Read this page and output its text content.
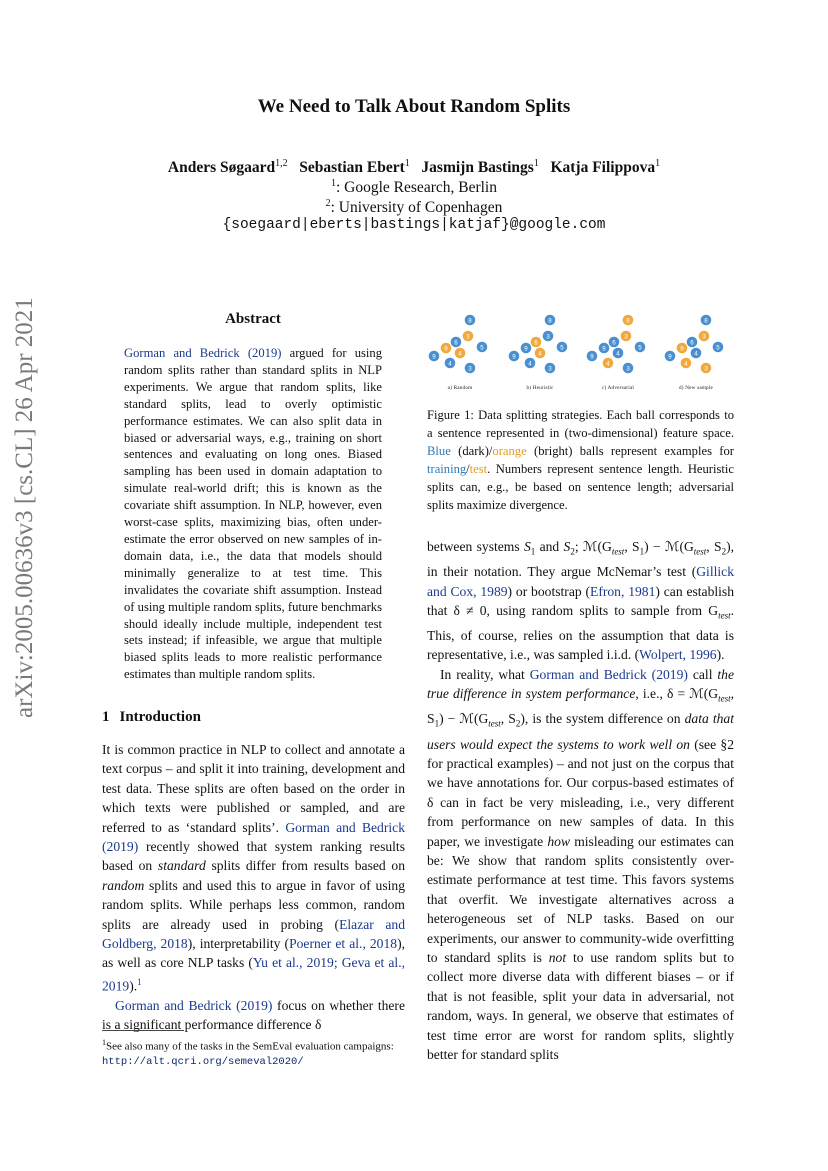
We Need to Talk About Random Splits
Anders Søgaard$^{1,2}$ Sebastian Ebert$^1$ Jasmijn Bastings$^1$ Katja Filippova$^1$
$^1$: Google Research, Berlin
$^2$: University of Copenhagen
{soegaard|eberts|bastings|katjaf}@google.com
arXiv:2005.00636v3 [cs.CL] 26 Apr 2021	Abstract
Gorman and Bedrick (2019) argued for using random splits rather than standard splits in NLP experiments. We argue that random splits, like standard splits, lead to overly optimistic performance estimates. We can also split data in biased or adversarial ways, e.g., training on short sentences and evaluating on long ones. Biased sampling has been used in domain adaptation to simulate real-world drift; this is known as the covariate shift assumption. In NLP, however, even worst-case splits, maximizing bias, often under-estimate the error observed on new samples of in-domain data, i.e., the data that models should minimally generalize to at test time. This invalidates the covariate shift assumption. Instead of using multiple random splits, future benchmarks should ideally include multiple, independent test sets instead; if infeasible, we argue that multiple biased splits leads to more realistic performance estimates than multiple random splits.
1 Introduction

It is common practice in NLP to collect and annotate a text corpus – and split it into training, development and test data. These splits are often based on the order in which texts were published or sampled, and are referred to as ‘standard splits’. Gorman and Bedrick (2019) recently showed that system ranking results based on standard splits differ from results based on random splits and used this to argue in favor of using random splits. While perhaps less common, random splits are already used in probing (Elazar and Goldberg, 2018), interpretability (Poerner et al., 2018), as well as core NLP tasks (Yu et al., 2019; Geva et al., 2019).$^1$

Gorman and Bedrick (2019) focus on whether there is a significant performance difference δ

$^1$See also many of the tasks in the SemEval evaluation campaigns: http://alt.qcri.org/semeval2020/
8
3
6
5
9	4
9
4
3
a) Random
8
3
6
5
9	4
9
4
3
b) Heuristic
8
3
6
5
9	4
9
4
3
c) Adversarial
8
3
6
5
9	4
9
4
3
d) New sample
Figure 1: Data splitting strategies. Each ball corresponds to a sentence represented in (two-dimensional) feature space. Blue (dark)/orange (bright) balls represent examples for training/test. Numbers represent sentence length. Heuristic splits can, e.g., be based on sentence length; adversarial splits maximize divergence.

between systems $S_1$ and $S_2$; $ℳ(G_{test}$, $S_1$) − $ℳ(G_{test}$, $S_2$), in their notation. They argue McNemar’s test (Gillick and Cox, 1989) or bootstrap (Efron, 1981) can establish that δ ≠ 0, using random splits to sample from $G_{test}$. This, of course, relies on the assumption that data is representative, i.e., was sampled i.i.d. (Wolpert, 1996).

In reality, what Gorman and Bedrick (2019) call the true difference in system performance, i.e., $\delta = ℳ(G_{test}$, $S_1$) − $ℳ(G_{test}$, $S_2$), is the system difference on data that users would expect the systems to work well on (see §2 for practical examples) – and not just on the corpus that we have annotations for. Our corpus-based estimates of δ can in fact be very misleading, i.e., very different from performance on new samples of data. In this paper, we investigate how misleading our estimates can be: We show that random splits consistently over-estimate performance at test time. This favors systems that overfit. We investigate alternatives across a heterogeneous set of NLP tasks. Based on our experiments, our answer to community-wide overfitting to standard splits is not to use random splits but to collect more diverse data with different biases – or if that is not feasible, split your data in adversarial, not random, ways. In general, we observe that estimates of test time error are worst for random splits, slightly better for standard splits
